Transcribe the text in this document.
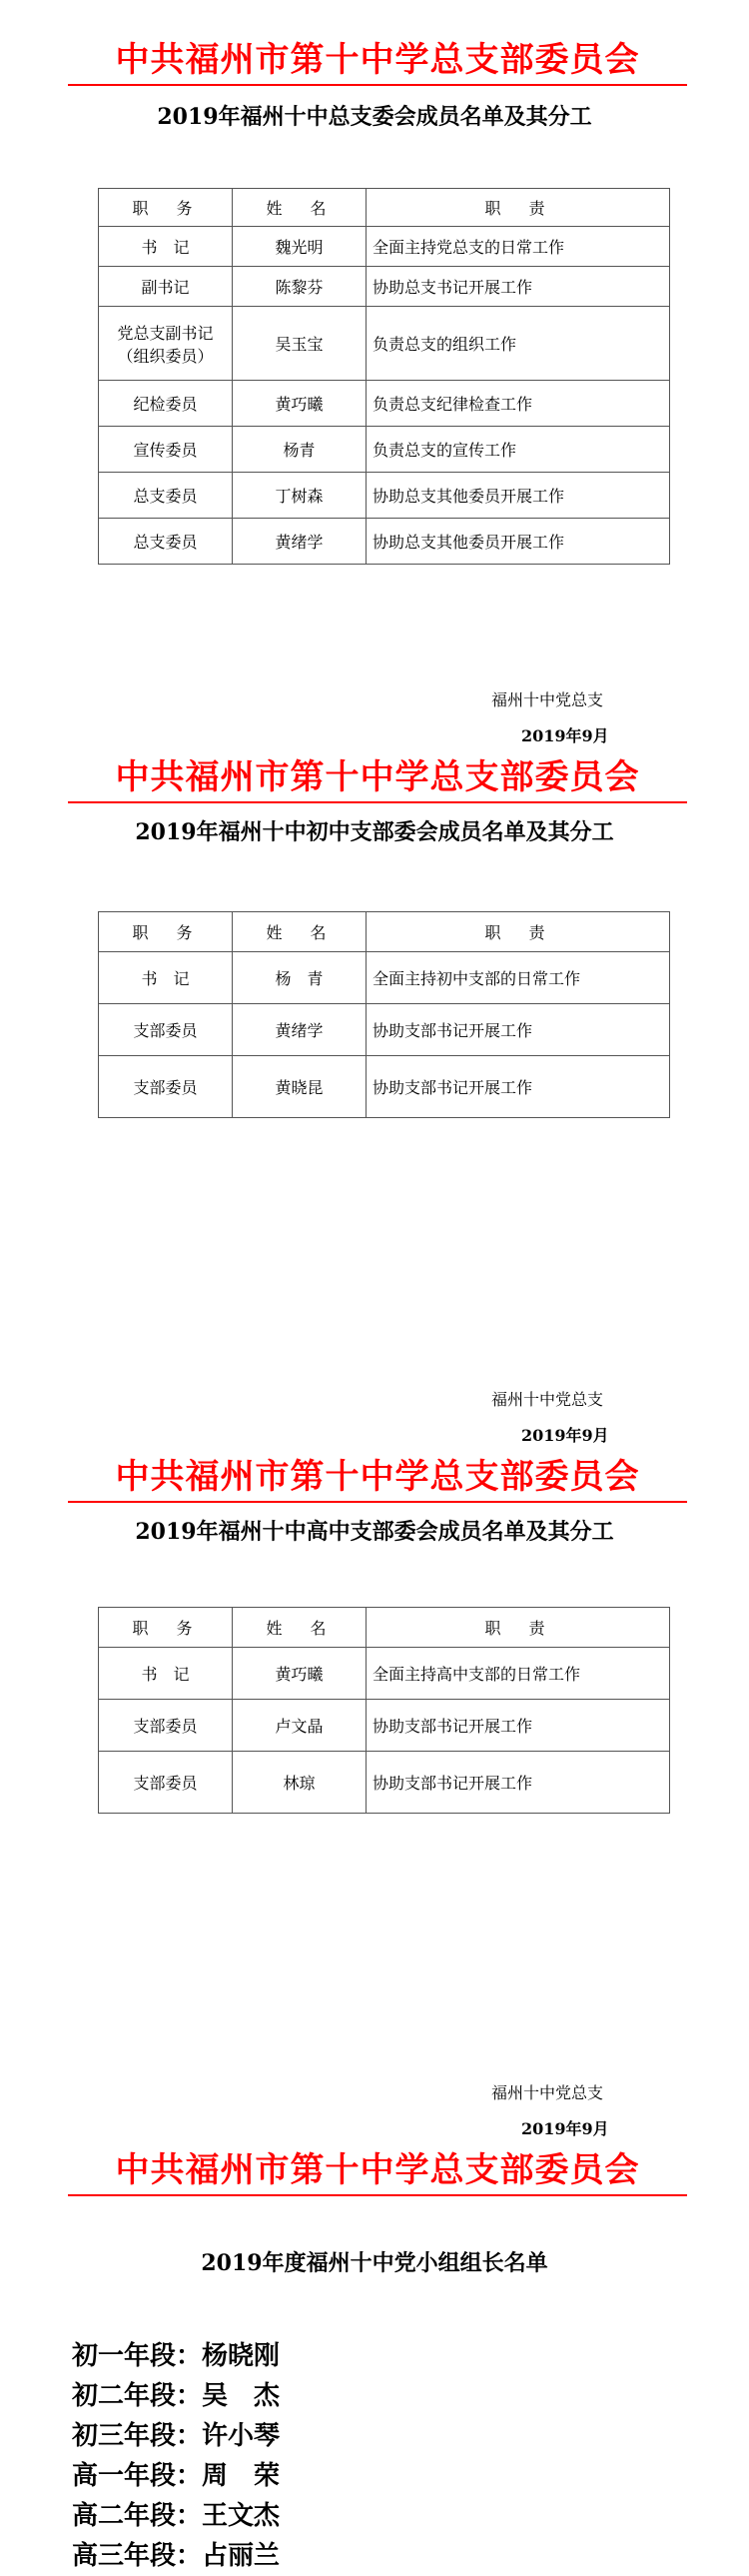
中共福州市第十中学总支部委员会
2019年福州十中总支委会成员名单及其分工
职　务	姓　名	职　责
书　记	魏光明	全面主持党总支的日常工作
副书记	陈黎芬	协助总支书记开展工作
党总支副书记（组织委员）	吴玉宝	负责总支的组织工作
纪检委员	黄巧曦	负责总支纪律检查工作
宣传委员	杨青	负责总支的宣传工作
总支委员	丁树森	协助总支其他委员开展工作
总支委员	黄绪学	协助总支其他委员开展工作
福州十中党总支
2019年9月
中共福州市第十中学总支部委员会
2019年福州十中初中支部委会成员名单及其分工
职　务	姓　名	职　责
书　记	杨　青	全面主持初中支部的日常工作
支部委员	黄绪学	协助支部书记开展工作
支部委员	黄晓昆	协助支部书记开展工作
福州十中党总支
2019年9月
中共福州市第十中学总支部委员会
2019年福州十中高中支部委会成员名单及其分工
职　务	姓　名	职　责
书　记	黄巧曦	全面主持高中支部的日常工作
支部委员	卢文晶	协助支部书记开展工作
支部委员	林琼	协助支部书记开展工作
福州十中党总支
2019年9月
中共福州市第十中学总支部委员会
2019年度福州十中党小组组长名单
初一年段：杨晓刚
初二年段：吴　杰
初三年段：许小琴
高一年段：周　荣
高二年段：王文杰
高三年段：占丽兰
